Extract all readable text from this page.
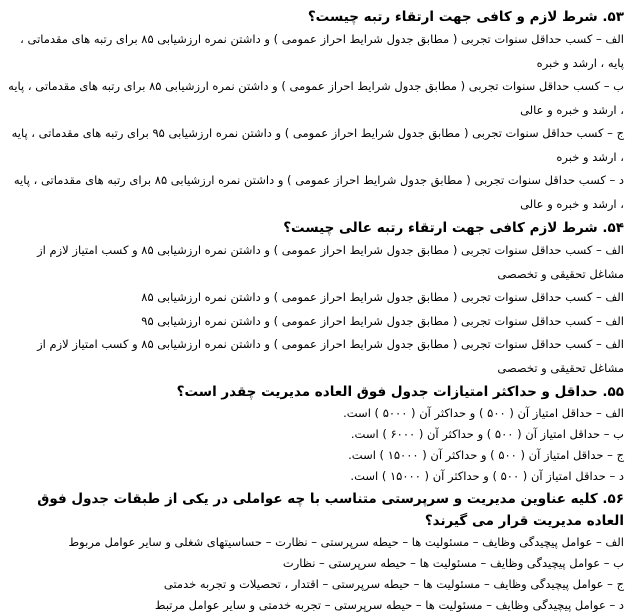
۵۳. شرط لازم و کافی جهت ارتقاء رتبه چیست؟

الف – کسب حداقل سنوات تجربی ( مطابق جدول شرایط احراز عمومی ) و داشتن نمره ارزشیابی ۸۵ برای رتبه های مقدماتی ، پایه ، ارشد و خبره

ب – کسب حداقل سنوات تجربی ( مطابق جدول شرایط احراز عمومی ) و داشتن نمره ارزشیابی ۸۵ برای رتبه های مقدماتی ، پایه ، ارشد و خبره و عالی

ج – کسب حداقل سنوات تجربی ( مطابق جدول شرایط احراز عمومی ) و داشتن نمره ارزشیابی ۹۵ برای رتبه های مقدماتی ، پایه ، ارشد و خبره

د – کسب حداقل سنوات تجربی ( مطابق جدول شرایط احراز عمومی ) و داشتن نمره ارزشیابی ۸۵ برای رتبه های مقدماتی ، پایه ، ارشد و خبره و عالی

۵۴. شرط لازم کافی جهت ارتقاء رتبه عالی چیست؟

الف – کسب حداقل سنوات تجربی ( مطابق جدول شرایط احراز عمومی ) و داشتن نمره ارزشیابی ۸۵ و کسب امتیاز لازم از مشاغل تحقیقی و تخصصی

الف – کسب حداقل سنوات تجربی ( مطابق جدول شرایط احراز عمومی ) و داشتن نمره ارزشیابی ۸۵

الف – کسب حداقل سنوات تجربی ( مطابق جدول شرایط احراز عمومی ) و داشتن نمره ارزشیابی ۹۵

الف – کسب حداقل سنوات تجربی ( مطابق جدول شرایط احراز عمومی ) و داشتن نمره ارزشیابی ۸۵ و کسب امتیاز لازم از مشاغل تحقیقی و تخصصی

۵۵. حداقل و حداکثر امتیازات جدول فوق العاده مدیریت چقدر است؟

الف – حداقل امتیاز آن ( ۵۰۰ ) و حداکثر آن ( ۵۰۰۰ ) است.

ب – حداقل امتیاز آن ( ۵۰۰ ) و حداکثر آن ( ۶۰۰۰ ) است.

ج – حداقل امتیاز آن ( ۵۰۰ ) و حداکثر آن ( ۱۵۰۰۰ ) است.

د – حداقل امتیاز آن ( ۵۰۰ ) و حداکثر آن ( ۱۵۰۰۰ ) است.

۵۶. کلیه عناوین مدیریت و سرپرستی متناسب با چه عواملی در یکی از طبقات جدول فوق العاده مدیریت قرار می گیرند؟

الف – عوامل پیچیدگی وظایف – مسئولیت ها – حیطه سرپرستی – نظارت – حساسیتهای شغلی و سایر عوامل مربوط

ب – عوامل پیچیدگی وظایف – مسئولیت ها – حیطه سرپرستی – نظارت

ج – عوامل پیچیدگی وظایف – مسئولیت ها – حیطه سرپرستی – اقتدار ، تحصیلات و تجربه خدمتی

د – عوامل پیچیدگی وظایف – مسئولیت ها – حیطه سرپرستی – تجربه خدمتی و سایر عوامل مرتبط
